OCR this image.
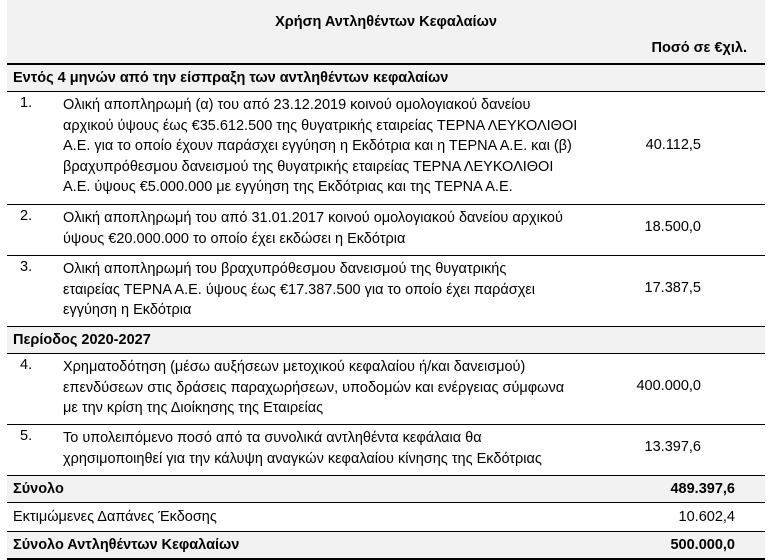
Χρήση Αντληθέντων Κεφαλαίων
Ποσό σε €χιλ.
Εντός 4 μηνών από την είσπραξη των αντληθέντων κεφαλαίων
1. Ολική αποπληρωμή (α) του από 23.12.2019 κοινού ομολογιακού δανείου
αρχικού ύψους έως €35.612.500 της θυγατρικής εταιρείας ΤΕΡΝΑ ΛΕΥΚΟΛΙΘΟΙ
Α.Ε. για το οποίο έχουν παράσχει εγγύηση η Εκδότρια και η ΤΕΡΝΑ Α.Ε. και (β)
βραχυπρόθεσμου δανεισμού της θυγατρικής εταιρείας ΤΕΡΝΑ ΛΕΥΚΟΛΙΘΟΙ
Α.Ε. ύψους €5.000.000 με εγγύηση της Εκδότριας και της ΤΕΡΝΑ Α.Ε.
40.112,5
2. Ολική αποπληρωμή του από 31.01.2017 κοινού ομολογιακού δανείου αρχικού
ύψους €20.000.000 το οποίο έχει εκδώσει η Εκδότρια
18.500,0
3. Ολική αποπληρωμή του βραχυπρόθεσμου δανεισμού της θυγατρικής
εταιρείας ΤΕΡΝΑ Α.Ε. ύψους έως €17.387.500 για το οποίο έχει παράσχει
εγγύηση η Εκδότρια
17.387,5
Περίοδος 2020-2027
4. Χρηματοδότηση (μέσω αυξήσεων μετοχικού κεφαλαίου ή/και δανεισμού)
επενδύσεων στις δράσεις παραχωρήσεων, υποδομών και ενέργειας σύμφωνα
με την κρίση της Διοίκησης της Εταιρείας
400.000,0
5. Το υπολειπόμενο ποσό από τα συνολικά αντληθέντα κεφάλαια θα
χρησιμοποιηθεί για την κάλυψη αναγκών κεφαλαίου κίνησης της Εκδότριας
13.397,6
Σύνολο	489.397,6
Εκτιμώμενες Δαπάνες Έκδοσης	10.602,4
Σύνολο Αντληθέντων Κεφαλαίων	500.000,0
